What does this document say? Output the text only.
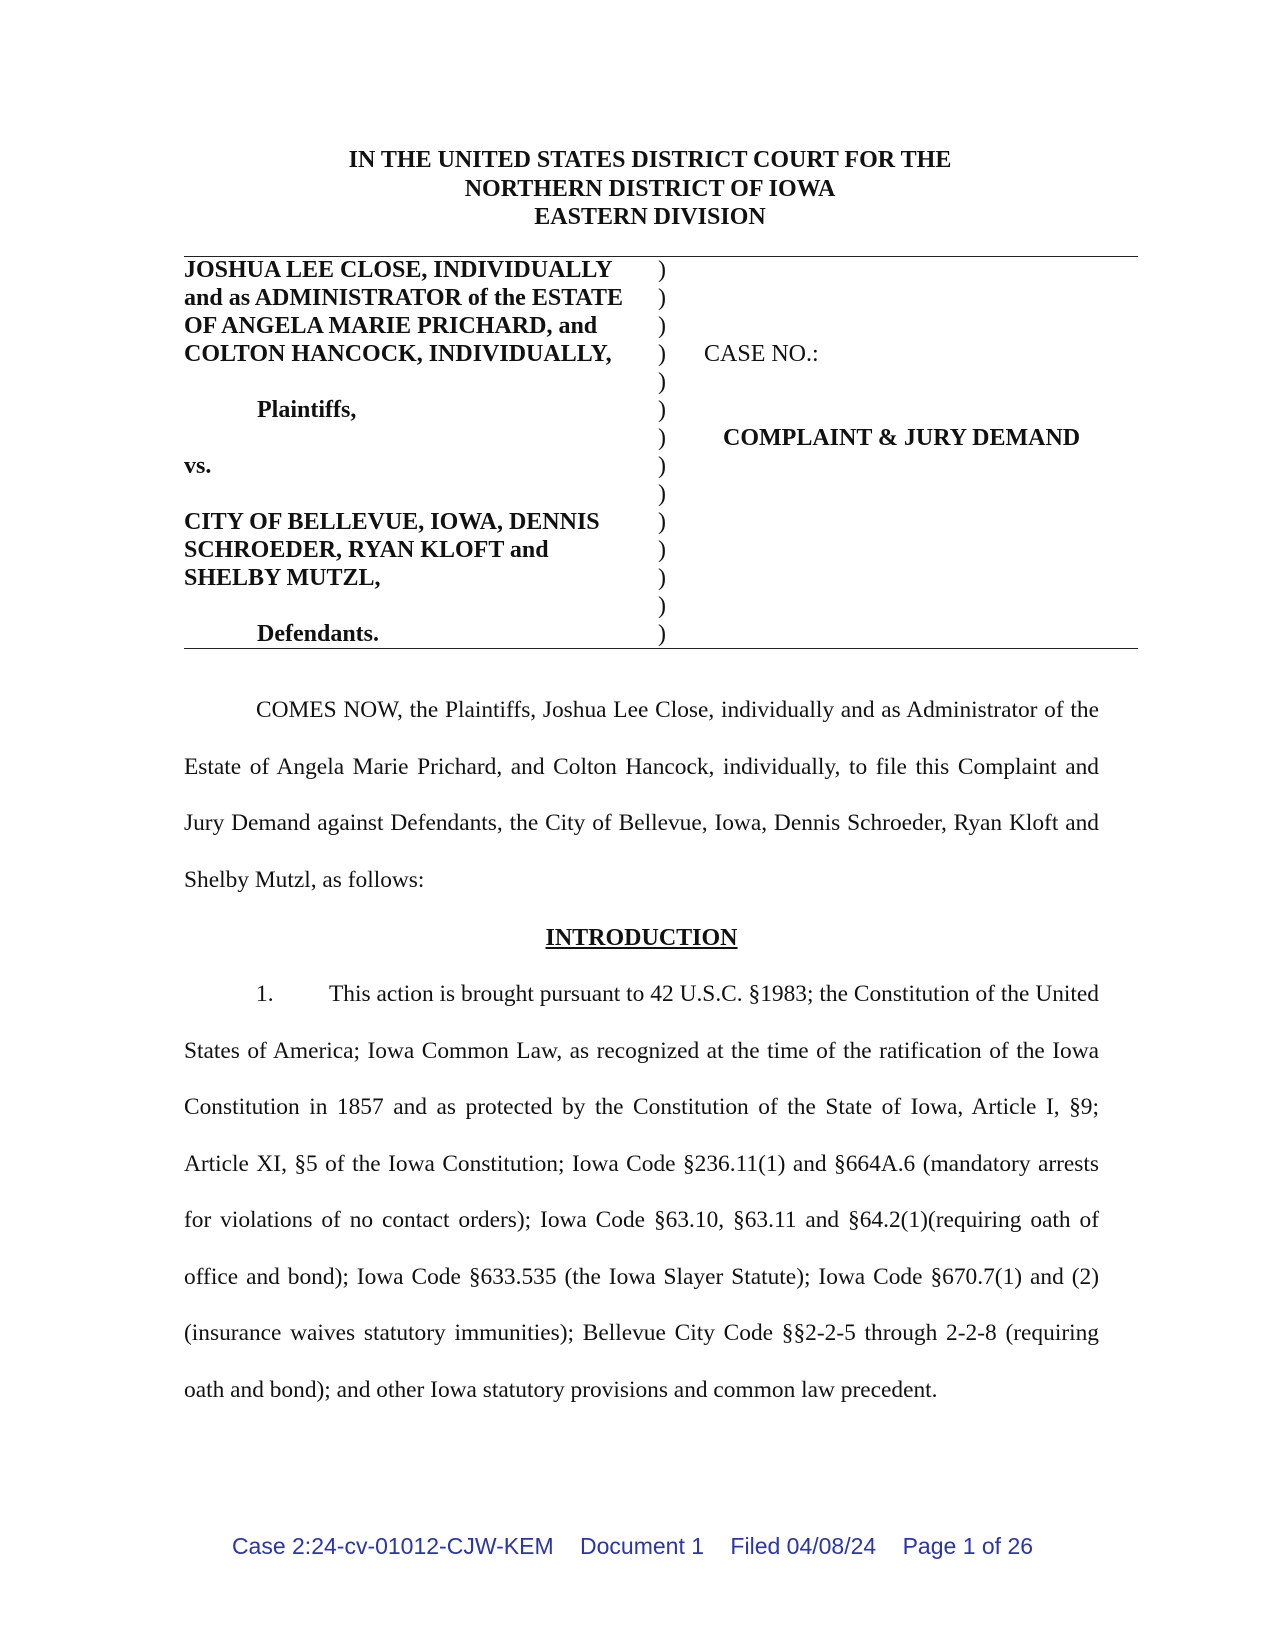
IN THE UNITED STATES DISTRICT COURT FOR THE
NORTHERN DISTRICT OF IOWA
EASTERN DIVISION
JOSHUA LEE CLOSE, INDIVIDUALLY
and as ADMINISTRATOR of the ESTATE
OF ANGELA MARIE PRICHARD, and
COLTON HANCOCK, INDIVIDUALLY,
Plaintiffs,
vs.
CITY OF BELLEVUE, IOWA, DENNIS
SCHROEDER, RYAN KLOFT and
SHELBY MUTZL,
Defendants.
)
)
)
)
)
)
)
)
)
)
)
)
)
)
CASE NO.:
COMPLAINT & JURY DEMAND
COMES NOW, the Plaintiffs, Joshua Lee Close, individually and as Administrator of the Estate of Angela Marie Prichard, and Colton Hancock, individually, to file this Complaint and Jury Demand against Defendants, the City of Bellevue, Iowa, Dennis Schroeder, Ryan Kloft and Shelby Mutzl, as follows:
INTRODUCTION
1. This action is brought pursuant to 42 U.S.C. §1983; the Constitution of the United States of America; Iowa Common Law, as recognized at the time of the ratification of the Iowa Constitution in 1857 and as protected by the Constitution of the State of Iowa, Article I, §9; Article XI, §5 of the Iowa Constitution; Iowa Code §236.11(1) and §664A.6 (mandatory arrests for violations of no contact orders); Iowa Code §63.10, §63.11 and §64.2(1)(requiring oath of office and bond); Iowa Code §633.535 (the Iowa Slayer Statute); Iowa Code §670.7(1) and (2) (insurance waives statutory immunities); Bellevue City Code §§2-2-5 through 2-2-8 (requiring oath and bond); and other Iowa statutory provisions and common law precedent.
Case 2:24-cv-01012-CJW-KEM Document 1 Filed 04/08/24 Page 1 of 26
